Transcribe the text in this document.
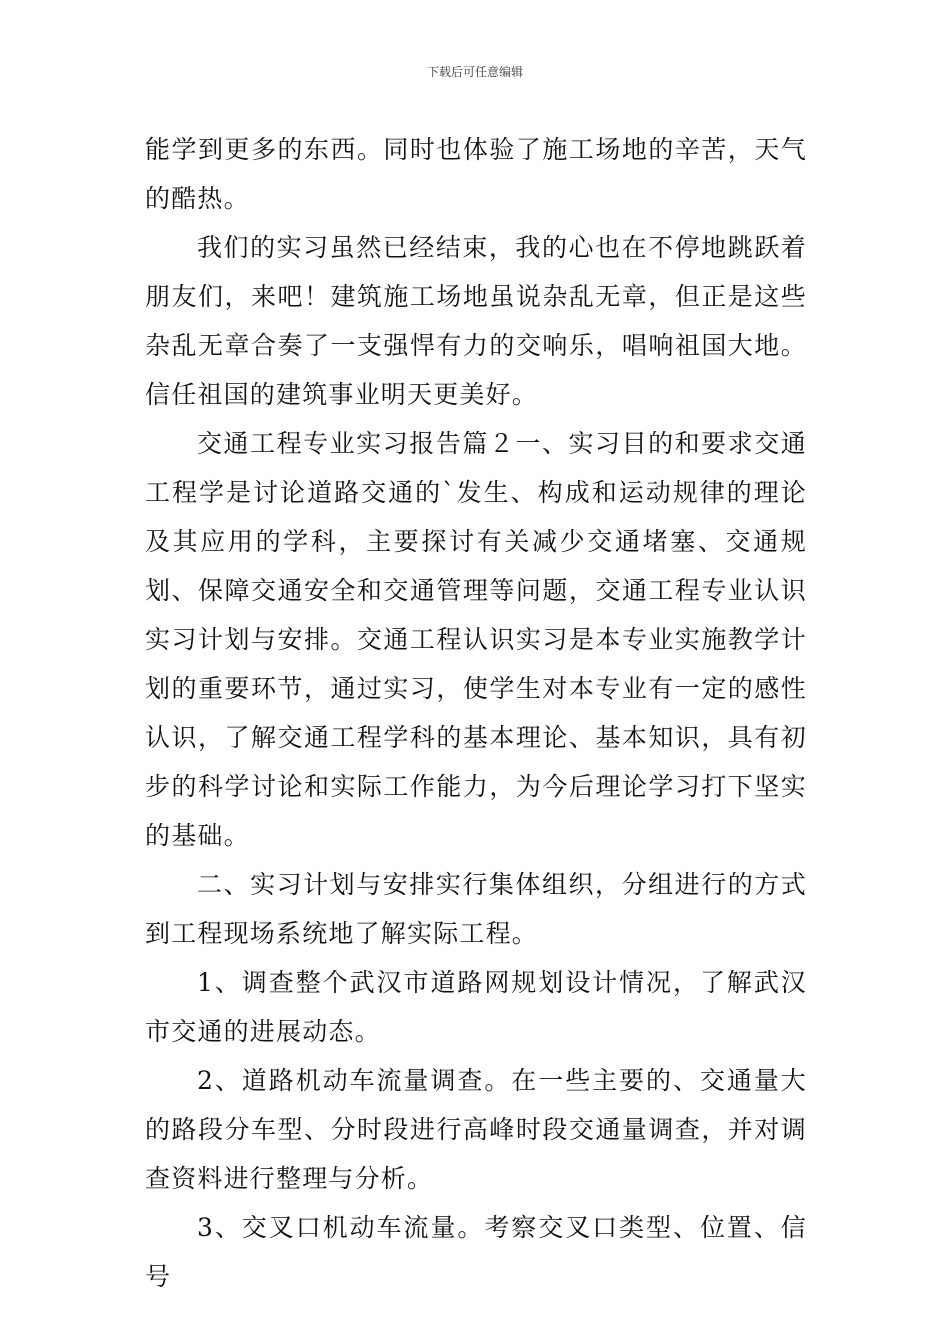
下载后可任意编辑

能学到更多的东西。同时也体验了施工场地的辛苦，天气的酷热。

我们的实习虽然已经结束，我的心也在不停地跳跃着朋友们，来吧！建筑施工场地虽说杂乱无章，但正是这些杂乱无章合奏了一支强悍有力的交响乐，唱响祖国大地。信任祖国的建筑事业明天更美好。

交通工程专业实习报告篇２一、实习目的和要求交通工程学是讨论道路交通的`发生、构成和运动规律的理论及其应用的学科，主要探讨有关减少交通堵塞、交通规划、保障交通安全和交通管理等问题，交通工程专业认识实习计划与安排。交通工程认识实习是本专业实施教学计划的重要环节，通过实习，使学生对本专业有一定的感性认识，了解交通工程学科的基本理论、基本知识，具有初步的科学讨论和实际工作能力，为今后理论学习打下坚实的基础。

二、实习计划与安排实行集体组织，分组进行的方式到工程现场系统地了解实际工程。

1、调查整个武汉市道路网规划设计情况，了解武汉市交通的进展动态。

2、道路机动车流量调查。在一些主要的、交通量大的路段分车型、分时段进行高峰时段交通量调查，并对调查资料进行整理与分析。

3、交叉口机动车流量。考察交叉口类型、位置、信号
